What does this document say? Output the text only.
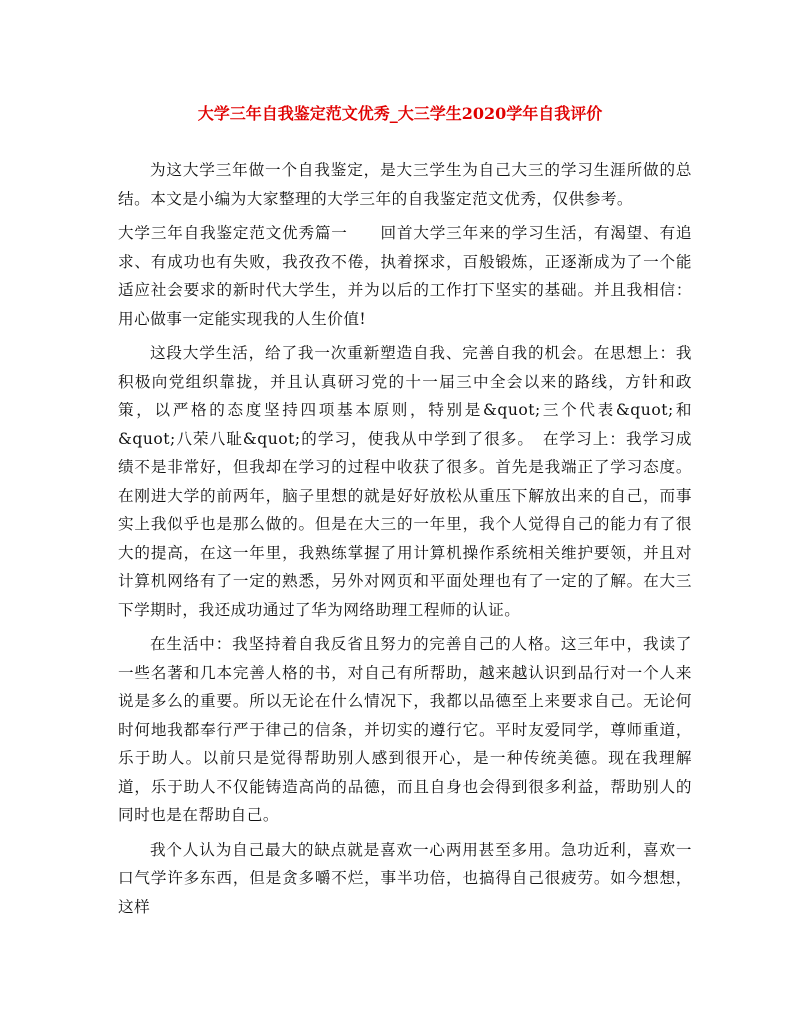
大学三年自我鉴定范文优秀_大三学生2020学年自我评价

为这大学三年做一个自我鉴定，是大三学生为自己大三的学习生涯所做的总结。本文是小编为大家整理的大学三年的自我鉴定范文优秀，仅供参考。

大学三年自我鉴定范文优秀篇一　　回首大学三年来的学习生活，有渴望、有追求、有成功也有失败，我孜孜不倦，执着探求，百般锻炼，正逐渐成为了一个能适应社会要求的新时代大学生，并为以后的工作打下坚实的基础。并且我相信：用心做事一定能实现我的人生价值!

这段大学生活，给了我一次重新塑造自我、完善自我的机会。在思想上：我积极向党组织靠拢，并且认真研习党的十一届三中全会以来的路线，方针和政策，以严格的态度坚持四项基本原则，特别是&quot;三个代表&quot;和&quot;八荣八耻&quot;的学习，使我从中学到了很多。　在学习上：我学习成绩不是非常好，但我却在学习的过程中收获了很多。首先是我端正了学习态度。在刚进大学的前两年，脑子里想的就是好好放松从重压下解放出来的自己，而事实上我似乎也是那么做的。但是在大三的一年里，我个人觉得自己的能力有了很大的提高，在这一年里，我熟练掌握了用计算机操作系统相关维护要领，并且对计算机网络有了一定的熟悉，另外对网页和平面处理也有了一定的了解。在大三下学期时，我还成功通过了华为网络助理工程师的认证。

在生活中：我坚持着自我反省且努力的完善自己的人格。这三年中，我读了一些名著和几本完善人格的书，对自己有所帮助，越来越认识到品行对一个人来说是多么的重要。所以无论在什么情况下，我都以品德至上来要求自己。无论何时何地我都奉行严于律己的信条，并切实的遵行它。平时友爱同学，尊师重道，乐于助人。以前只是觉得帮助别人感到很开心，是一种传统美德。现在我理解道，乐于助人不仅能铸造高尚的品德，而且自身也会得到很多利益，帮助别人的同时也是在帮助自己。

我个人认为自己最大的缺点就是喜欢一心两用甚至多用。急功近利，喜欢一口气学许多东西，但是贪多嚼不烂，事半功倍，也搞得自己很疲劳。如今想想，这样
